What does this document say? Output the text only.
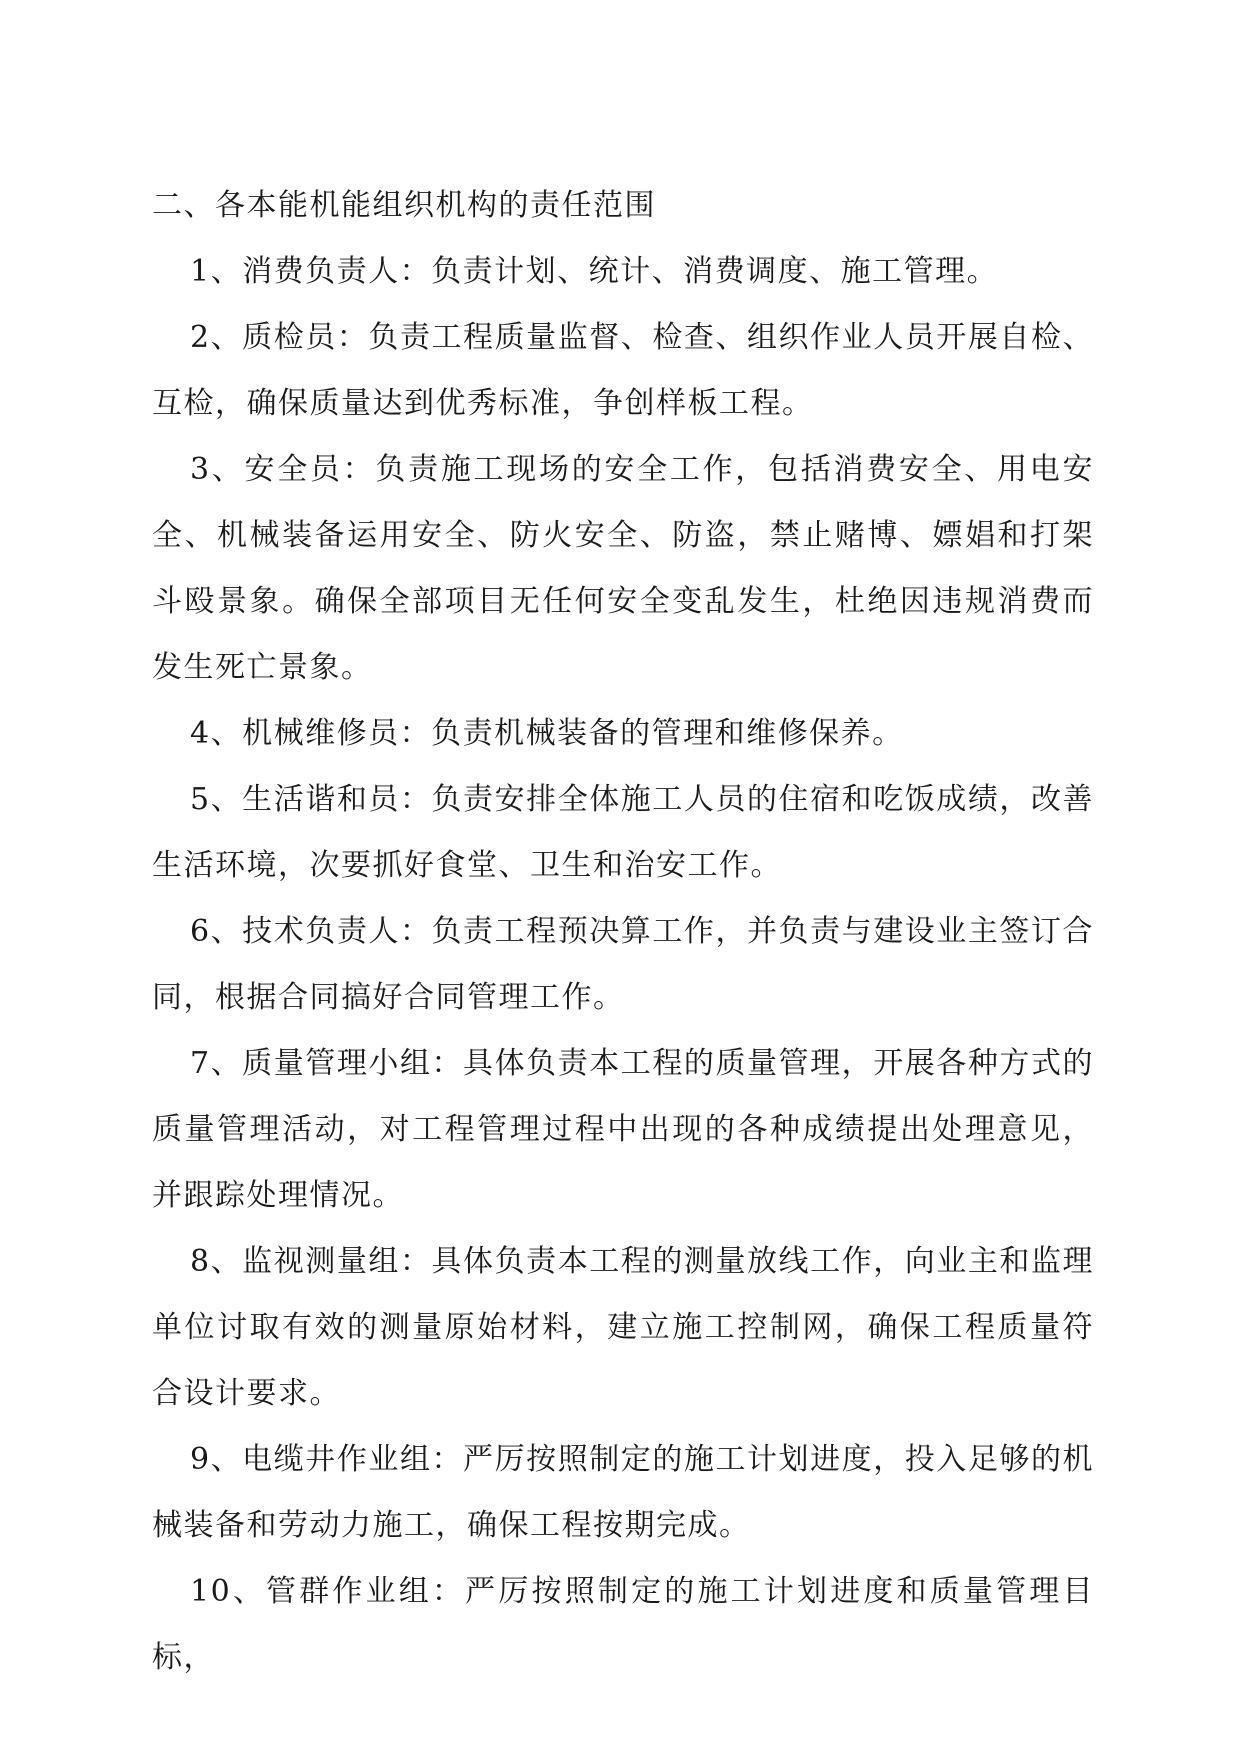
二、各本能机能组织机构的责任范围

1、消费负责人：负责计划、统计、消费调度、施工管理。

2、质检员：负责工程质量监督、检查、组织作业人员开展自检、互检，确保质量达到优秀标准，争创样板工程。

3、安全员：负责施工现场的安全工作，包括消费安全、用电安全、机械装备运用安全、防火安全、防盗，禁止赌博、嫖娼和打架斗殴景象。确保全部项目无任何安全变乱发生，杜绝因违规消费而发生死亡景象。

4、机械维修员：负责机械装备的管理和维修保养。

5、生活谐和员：负责安排全体施工人员的住宿和吃饭成绩，改善生活环境，次要抓好食堂、卫生和治安工作。

6、技术负责人：负责工程预决算工作，并负责与建设业主签订合同，根据合同搞好合同管理工作。

7、质量管理小组：具体负责本工程的质量管理，开展各种方式的质量管理活动，对工程管理过程中出现的各种成绩提出处理意见，并跟踪处理情况。

8、监视测量组：具体负责本工程的测量放线工作，向业主和监理单位讨取有效的测量原始材料，建立施工控制网，确保工程质量符合设计要求。

9、电缆井作业组：严厉按照制定的施工计划进度，投入足够的机械装备和劳动力施工，确保工程按期完成。

10、管群作业组：严厉按照制定的施工计划进度和质量管理目标，
